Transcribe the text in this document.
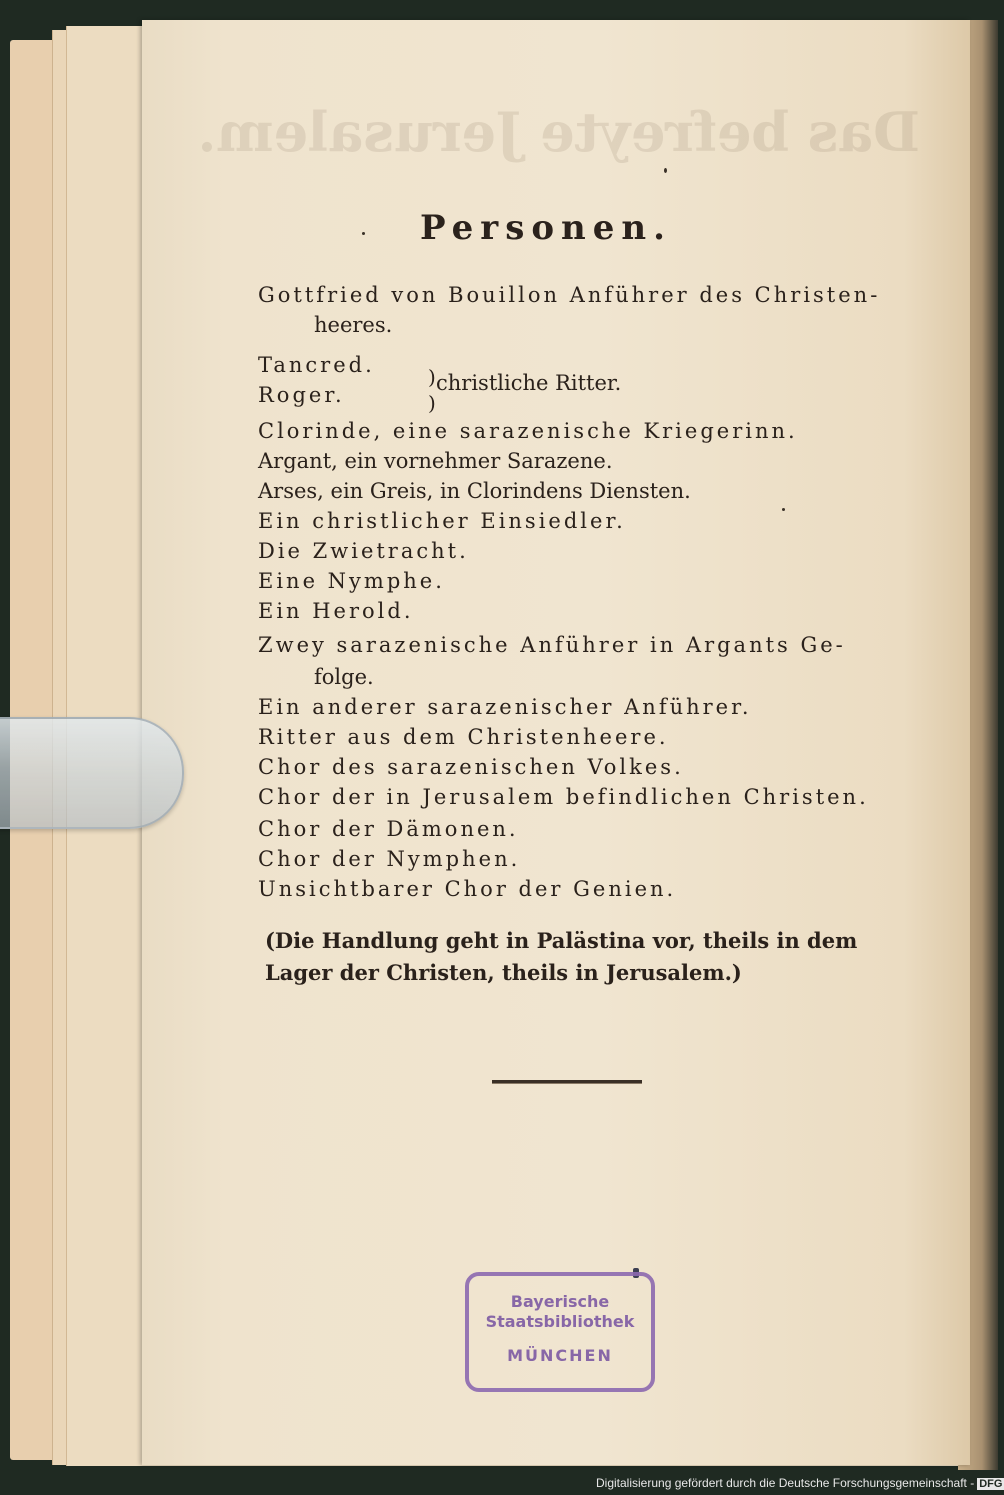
Das befreyte Jerusalem.
Personen.
Gottfried von Bouillon Anführer des Christen-
heeres.
Tancred.
Roger.
)
)
christliche Ritter.
Clorinde, eine sarazenische Kriegerinn.
Argant, ein vornehmer Sarazene.
Arses, ein Greis, in Clorindens Diensten.
Ein christlicher Einsiedler.
Die Zwietracht.
Eine Nymphe.
Ein Herold.
Zwey sarazenische Anführer in Argants Ge-
folge.
Ein anderer sarazenischer Anführer.
Ritter aus dem Christenheere.
Chor des sarazenischen Volkes.
Chor der in Jerusalem befindlichen Christen.
Chor der Dämonen.
Chor der Nymphen.
Unsichtbarer Chor der Genien.
(Die Handlung geht in Palästina vor, theils in dem
Lager der Christen, theils in Jerusalem.)
Bayerische
Staatsbibliothek
MÜNCHEN
Digitalisierung gefördert durch die Deutsche Forschungsgemeinschaft - DFG
